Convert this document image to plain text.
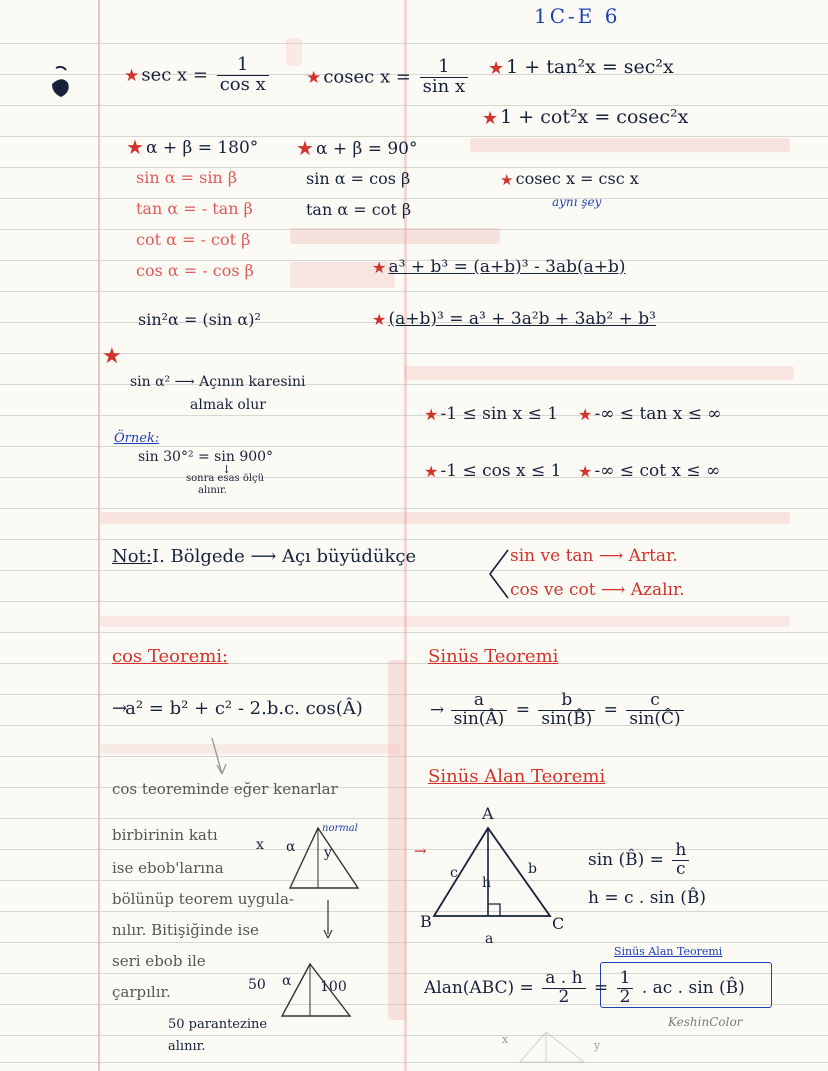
1C-E 6
★ $\sec x = \frac{1}{\text{cos x}}$ ★ cosec $x = \frac{1}{\text{sin x}}$ ★ 1 + tan²x = sec²x
★ 1 + cot²x = cosec²x
★ α + β = 180°
sin α = sin β
tan α = - tan β
cot α = - cot β
cos α = - cos β
★ α + β = 90°
sin α = cos β
tan α = cot β
★ cosec x = csc x
aynı şey
★ a³ + b³ = (a+b)³ - 3ab(a+b)
sin²α = (sin α)²	★ (a+b)³ = a³ + 3a²b + 3ab² + b³
★
sin α² ⟶ Açının karesini
almak olur
Örnek:
sin 30°² = sin 900°
↓
sonra esas ölçü
alınır.
★ -1 ≤ sin x ≤ 1 ★ -∞ ≤ tan x ≤ ∞
★ -1 ≤ cos x ≤ 1 ★ -∞ ≤ cot x ≤ ∞
Not: I. Bölgede ⟶ Açı büyüdükçe	sin ve tan ⟶ Artar.
cos ve cot ⟶ Azalır.
cos Teoremi:
→a² = b² + c² - 2.b.c. cos(Â)
cos teoreminde eğer kenarlar
birbirinin katı
ise ebob'larına
bölünüp teorem uygula-
nılır. Bitişiğinde ise
seri ebob ile
çarpılır.
x α y
normal
50 α 100
50 parantezine
alınır.
Sinüs Teoremi
→ $\frac{a}{\sin(Â)} = \frac{b}{\sin(B̂)} = \frac{c}{\sin(Ĉ)}$
Sinüs Alan Teoremi
→
A
B	C
c	b
h
a
sin (B̂) = $\frac{h}{c}$
h = c . sin (B̂)
Sinüs Alan Teoremi
Alan(ABC) = $\frac{a . h}{2} = \frac{1}{2}$ . ac . sin (B̂)
x	y
KeshinColor
